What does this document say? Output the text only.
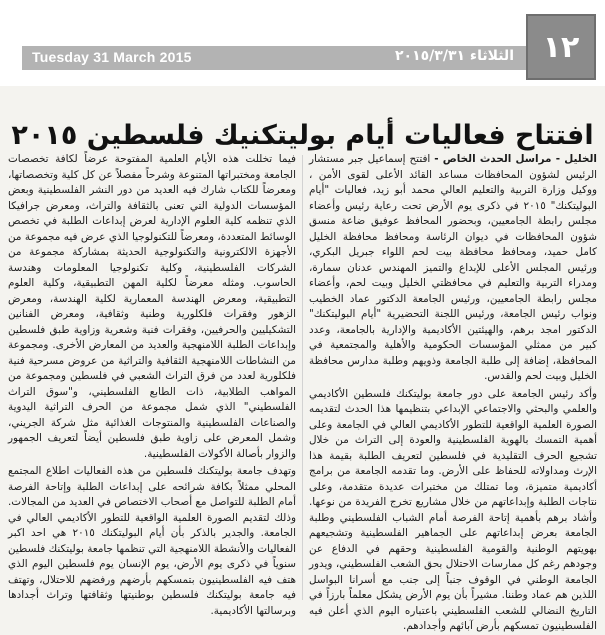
Tuesday 31 March 2015	الثلاثاء ٢٠١٥/٣/٣١ ١٢
افتتاح فعاليات أيام بوليتكنيك فلسطين ٢٠١٥

الخليل - مراسل الحدث الخاص - افتتح إسماعيل جبر مستشار الرئيس لشؤون المحافظات مساعد القائد الأعلى لقوى الأمن ، ووكيل وزارة التربية والتعليم العالي محمد أبو زيد، فعاليات "أيام البوليتكنك" ٢٠١٥ في ذكرى يوم الأرض تحت رعاية رئيس وأعضاء مجلس رابطة الجامعيين، وبحضور المحافظ عوفيق ضاعة منسق شؤون المحافظات في ديوان الرئاسة ومحافظ محافظة الخليل كامل حميد، ومحافظ محافظة بيت لحم اللواء جبريل البكري، ورئيس المجلس الأعلى للإبداع والتميز المهندس عدنان سمارة، ومدراء التربية والتعليم في محافظتي الخليل وبيت لحم، وأعضاء مجلس رابطة الجامعيين، ورئيس الجامعة الدكتور عماد الخطيب ونواب رئيس الجامعة، ورئيس اللجنة التحضيرية "أيام البوليتكنك" الدكتور امجد برهم، والهيئتين الأكاديمية والإدارية بالجامعة، وعدد كبير من ممثلي المؤسسات الحكومية والأهلية والمجتمعية في المحافظة، إضافة إلى طلبة الجامعة وذويهم وطلبة مدارس محافظة الخليل وبيت لحم والقدس.

وأكد رئيس الجامعة على دور جامعة بوليتكنك فلسطين الأكاديمي والعلمي والبحثي والاجتماعي الإبداعي بتنظيمها هذا الحدث لتقديمه الصورة العلمية الواقعية للتطور الأكاديمي العالي في الجامعة وعلى أهمية التمسك بالهوية الفلسطينية والعودة إلى التراث من خلال تشجيع الحرف التقليدية في فلسطين لتعريف الطلبة بقيمة هذا الإرث ومداولاته للحفاظ على الأرض. وما تقدمه الجامعة من برامج أكاديمية متميزة، وما تمتلك من مختبرات عديدة متقدمة، وعلى نتاجات الطلبة وإبداعاتهم من خلال مشاريع تخرج الفريدة من نوعها. وأشاد برهم بأهمية إتاحة الفرصة أمام الشباب الفلسطيني وطلبة الجامعة بعرض إبداعاتهم على الجماهير الفلسطينية وتشجيعهم بهويتهم الوطنية والقومية الفلسطينية وحقهم في الدفاع عن وجودهم رغم كل ممارسات الاحتلال بحق الشعب الفلسطيني، ويدور الجامعة الوطني في الوقوف جنباً إلى جنب مع أسرانا البواسل اللذين هم عماد وطننا. مشيراً بأن يوم الأرض يشكل معلماً بارزاً في التاريخ النضالي للشعب الفلسطيني باعتباره اليوم الذي أعلن فيه الفلسطينيون تمسكهم بأرض آبائهم وأجدادهم.

فيما تخللت هذه الأيام العلمية المفتوحة عرضاً لكافة تخصصات الجامعة ومختبراتها المتنوعة وشرحاً مفصلاً عن كل كلية وتخصصاتها، ومعرضاً للكتاب شارك فيه العديد من دور النشر الفلسطينية وبعض المؤسسات الدولية التي تعنى بالثقافة والتراث، ومعرض جرافيكا الذي تنظمه كلية العلوم الإدارية لعرض إبداعات الطلبة في تخصص الوسائط المتعددة، ومعرضاً للتكنولوجيا الذي عرض فيه مجموعة من الأجهزة الالكترونية والتكنولوجية الحديثة بمشاركة مجموعة من الشركات الفلسطينية، وكلية تكنولوجيا المعلومات وهندسة الحاسوب. ومثله معرضاً لكلية المهن التطبيقية، وكلية العلوم التطبيقية، ومعرض الهندسة المعمارية لكلية الهندسة، ومعرض الزهور وفقرات فلكلورية وطنية وثقافية، ومعرض الفنانين التشكيليين والحرفيين، وفقرات فنية وشعرية وزاوية طبق فلسطين وإبداعات الطلبة اللامنهجية والعديد من المعارض الأخرى. ومجموعة من النشاطات اللامنهجية الثقافية والتراثية من عروض مسرحية فنية فلكلورية لعدد من فرق التراث الشعبي في فلسطين ومجموعة من المواهب الطلابية، ذات الطابع الفلسطيني، و"سوق التراث الفلسطيني" الذي شمل مجموعة من الحرف التراثية اليدوية والصناعات الفلسطينية والمنتوجات الغذائية مثل شركة الجريني، وشمل المعرض على زاوية طبق فلسطين أيضاً لتعريف الجمهور والزوار بأصالة الأكولات الفلسطينية.

وتهدف جامعة بوليتكنك فلسطين من هذه الفعاليات اطلاع المجتمع المحلي ممثلاً بكافة شرائحه على إبداعات الطلبة وإتاحة الفرصة أمام الطلبة للتواصل مع أصحاب الاختصاص في العديد من المجالات. وذلك لتقديم الصورة العلمية الواقعية للتطور الأكاديمي العالي في الجامعة. والجدير بالذكر بأن أيام البوليتكنك ٢٠١٥ هي احد اكبر الفعاليات والأنشطة اللامنهجية التي تنظمها جامعة بوليتكنك فلسطين سنوياً في ذكرى يوم الأرض، يوم الإنسان يوم فلسطين اليوم الذي هتف فيه الفلسطينيون بتمسكهم بأرضهم ورفضهم للاحتلال، وتهتف فيه جامعة بوليتكنك فلسطين بوطنيتها وثقافتها وتراث أجدادها وبرسالتها الأكاديمية.
